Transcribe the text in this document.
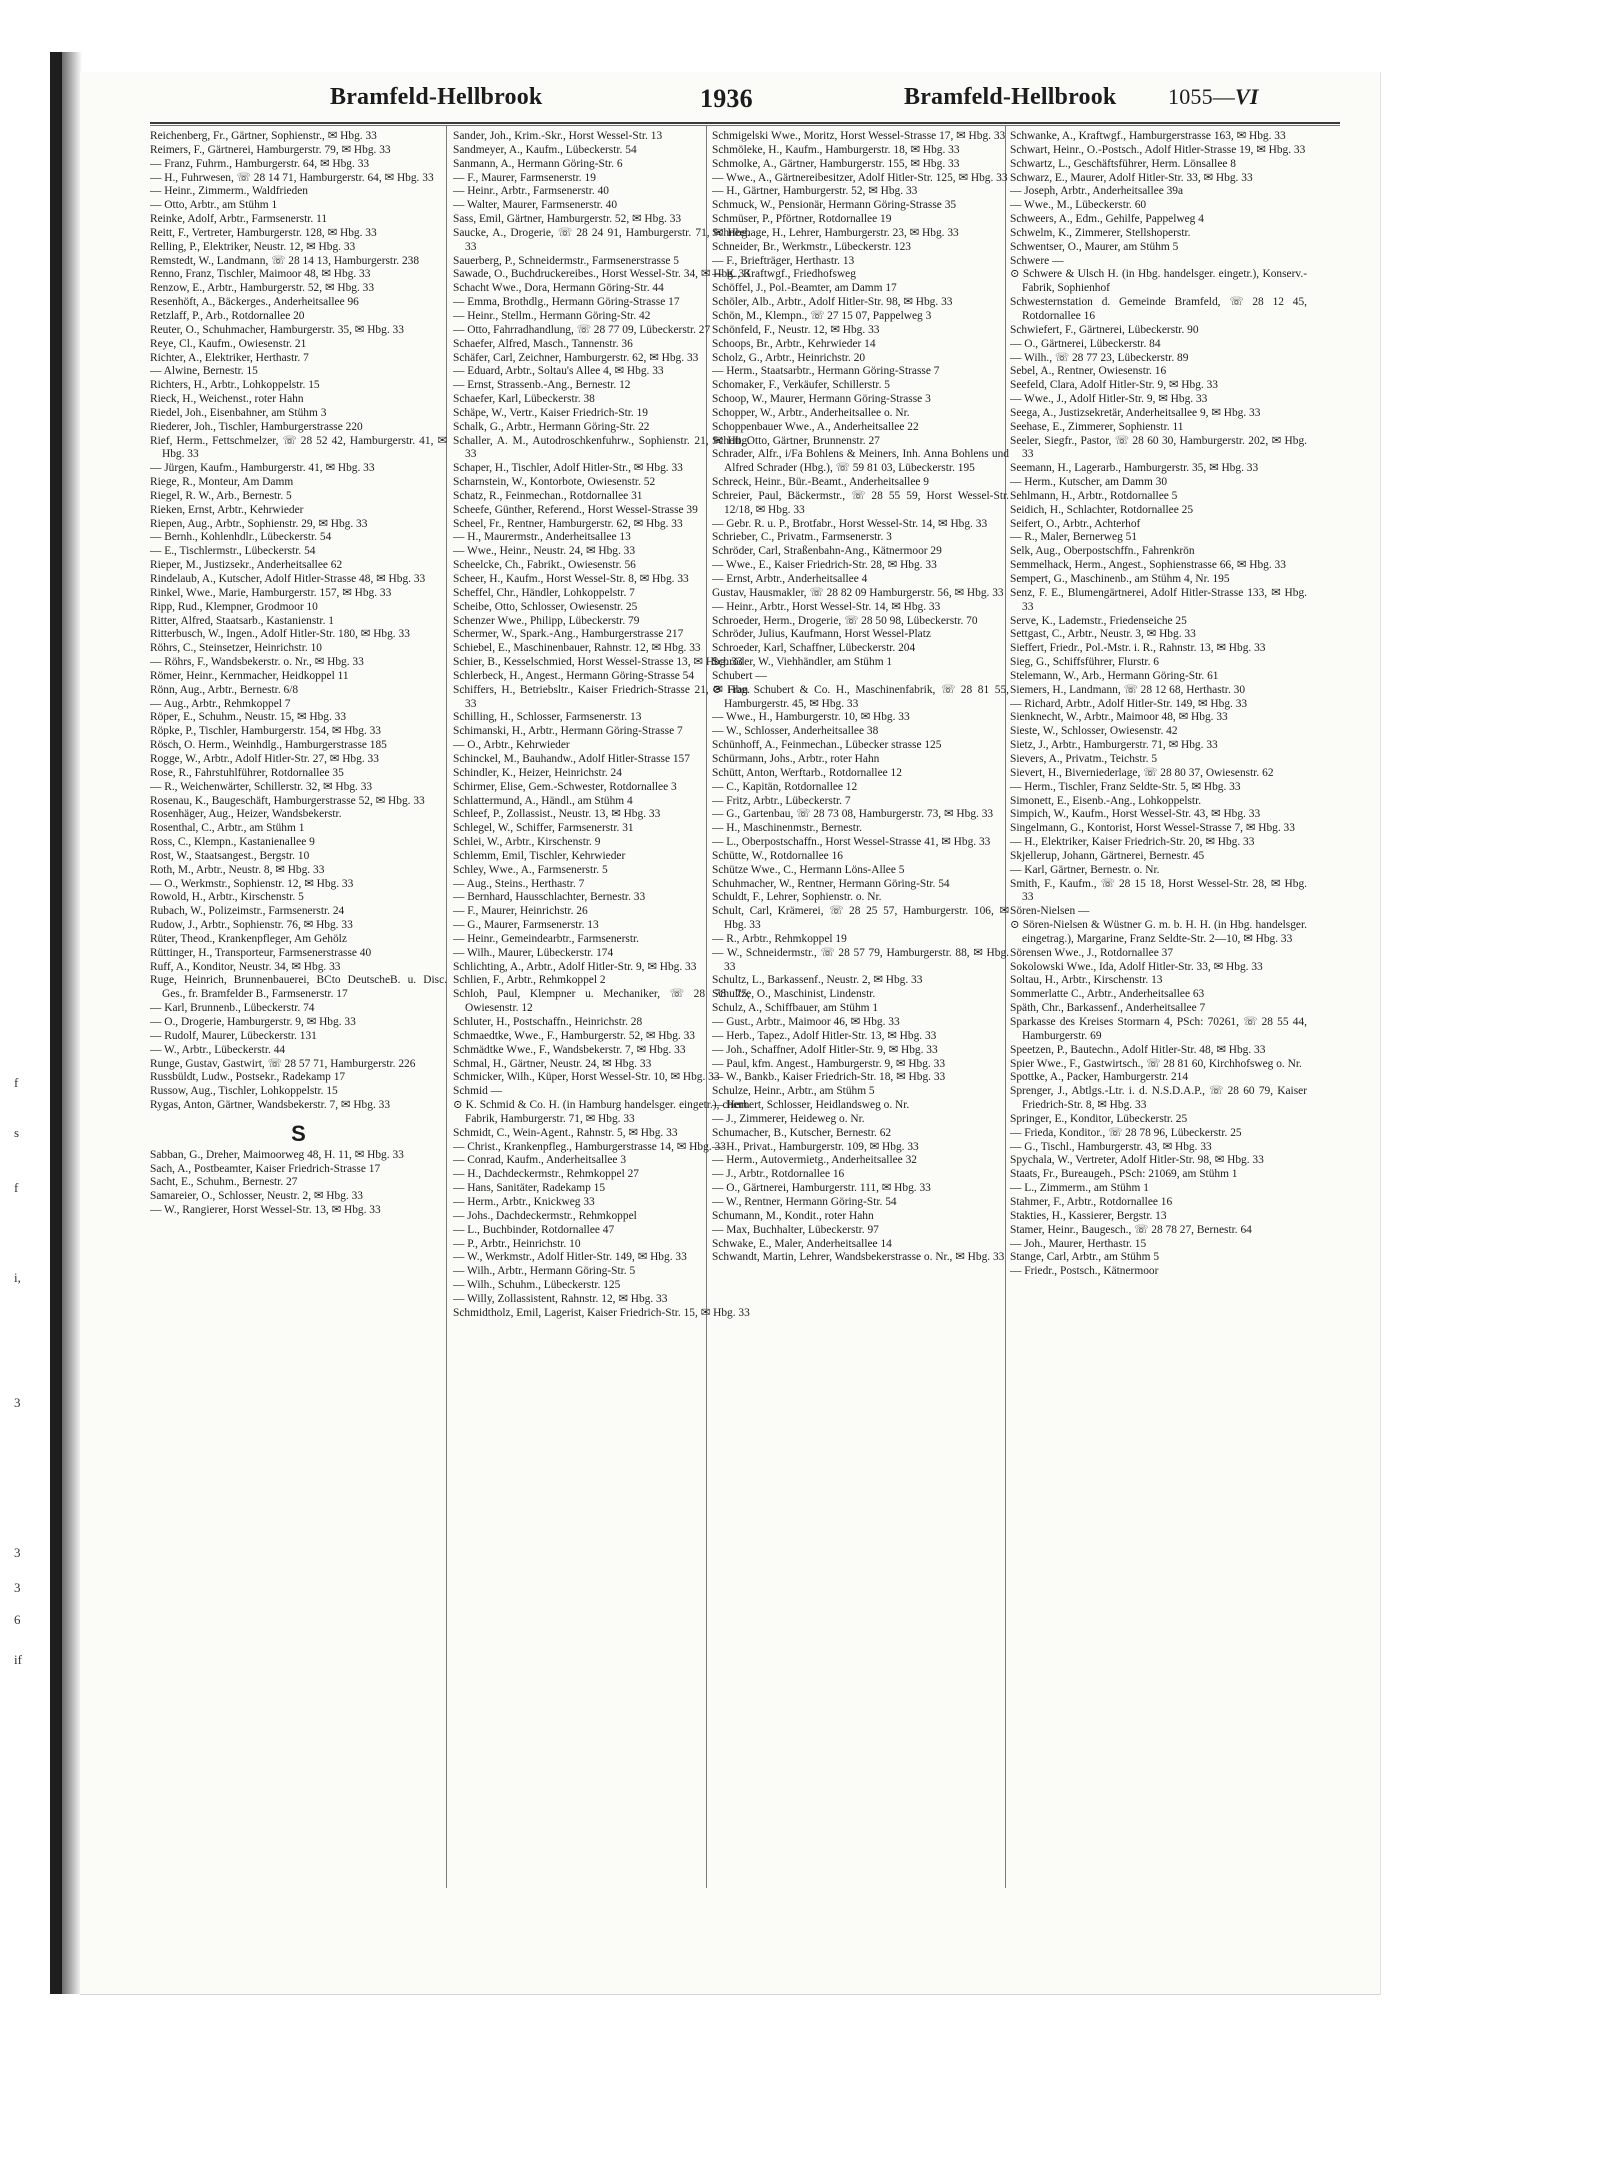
Bramfeld-Hellbrook	1936	Bramfeld-Hellbrook 1055—VI
Reichenberg, Fr., Gärtner, Sophienstr., ✉ Hbg. 33
Reimers, F., Gärtnerei, Hamburgerstr. 79, ✉ Hbg. 33
— Franz, Fuhrm., Hamburgerstr. 64, ✉ Hbg. 33
— H., Fuhrwesen, ☏ 28 14 71, Hamburgerstr. 64, ✉ Hbg. 33
— Heinr., Zimmerm., Waldfrieden
— Otto, Arbtr., am Stühm 1
Reinke, Adolf, Arbtr., Farmsenerstr. 11
Reitt, F., Vertreter, Hamburgerstr. 128, ✉ Hbg. 33
Relling, P., Elektriker, Neustr. 12, ✉ Hbg. 33
Remstedt, W., Landmann, ☏ 28 14 13, Hamburgerstr. 238
Renno, Franz, Tischler, Maimoor 48, ✉ Hbg. 33
Renzow, E., Arbtr., Hamburgerstr. 52, ✉ Hbg. 33
Resenhöft, A., Bäckerges., Anderheitsallee 96
Retzlaff, P., Arb., Rotdornallee 20
Reuter, O., Schuhmacher, Hamburgerstr. 35, ✉ Hbg. 33
Reye, Cl., Kaufm., Owiesenstr. 21
Richter, A., Elektriker, Herthastr. 7
— Alwine, Bernestr. 15
Richters, H., Arbtr., Lohkoppelstr. 15
Rieck, H., Weichenst., roter Hahn
Riedel, Joh., Eisenbahner, am Stühm 3
Riederer, Joh., Tischler, Hamburgerstrasse 220
Rief, Herm., Fettschmelzer, ☏ 28 52 42, Hamburgerstr. 41, ✉ Hbg. 33
— Jürgen, Kaufm., Hamburgerstr. 41, ✉ Hbg. 33
Riege, R., Monteur, Am Damm
Riegel, R. W., Arb., Bernestr. 5
Rieken, Ernst, Arbtr., Kehrwieder
Riepen, Aug., Arbtr., Sophienstr. 29, ✉ Hbg. 33
— Bernh., Kohlenhdlr., Lübeckerstr. 54
— E., Tischlermstr., Lübeckerstr. 54
Rieper, M., Justizsekr., Anderheitsallee 62
Rindelaub, A., Kutscher, Adolf Hitler-Strasse 48, ✉ Hbg. 33
Rinkel, Wwe., Marie, Hamburgerstr. 157, ✉ Hbg. 33
Ripp, Rud., Klempner, Grodmoor 10
Ritter, Alfred, Staatsarb., Kastanienstr. 1
Ritterbusch, W., Ingen., Adolf Hitler-Str. 180, ✉ Hbg. 33
Röhrs, C., Steinsetzer, Heinrichstr. 10
— Röhrs, F., Wandsbekerstr. o. Nr., ✉ Hbg. 33
Römer, Heinr., Kernmacher, Heidkoppel 11
Rönn, Aug., Arbtr., Bernestr. 6/8
— Aug., Arbtr., Rehmkoppel 7
Röper, E., Schuhm., Neustr. 15, ✉ Hbg. 33
Röpke, P., Tischler, Hamburgerstr. 154, ✉ Hbg. 33
Rösch, O. Herm., Weinhdlg., Hamburgerstrasse 185
Rogge, W., Arbtr., Adolf Hitler-Str. 27, ✉ Hbg. 33
Rose, R., Fahrstuhlführer, Rotdornallee 35
— R., Weichenwärter, Schillerstr. 32, ✉ Hbg. 33
Rosenau, K., Baugeschäft, Hamburgerstrasse 52, ✉ Hbg. 33
Rosenhäger, Aug., Heizer, Wandsbekerstr.
Rosenthal, C., Arbtr., am Stühm 1
Ross, C., Klempn., Kastanienallee 9
Rost, W., Staatsangest., Bergstr. 10
Roth, M., Arbtr., Neustr. 8, ✉ Hbg. 33
— O., Werkmstr., Sophienstr. 12, ✉ Hbg. 33
Rowold, H., Arbtr., Kirschenstr. 5
Rubach, W., Polizeimstr., Farmsenerstr. 24
Rudow, J., Arbtr., Sophienstr. 76, ✉ Hbg. 33
Rüter, Theod., Krankenpfleger, Am Gehölz
Rüttinger, H., Transporteur, Farmsenerstrasse 40
Ruff, A., Konditor, Neustr. 34, ✉ Hbg. 33
Ruge, Heinrich, Brunnenbauerei, BCto DeutscheB. u. Disc. Ges., fr. Bramfelder B., Farmsenerstr. 17
— Karl, Brunnenb., Lübeckerstr. 74
— O., Drogerie, Hamburgerstr. 9, ✉ Hbg. 33
— Rudolf, Maurer, Lübeckerstr. 131
— W., Arbtr., Lübeckerstr. 44
Runge, Gustav, Gastwirt, ☏ 28 57 71, Hamburgerstr. 226
Russbüldt, Ludw., Postsekr., Radekamp 17
Russow, Aug., Tischler, Lohkoppelstr. 15
Rygas, Anton, Gärtner, Wandsbekerstr. 7, ✉ Hbg. 33
S
Sabban, G., Dreher, Maimoorweg 48, H. 11, ✉ Hbg. 33
Sach, A., Postbeamter, Kaiser Friedrich-Strasse 17
Sacht, E., Schuhm., Bernestr. 27
Samareier, O., Schlosser, Neustr. 2, ✉ Hbg. 33
— W., Rangierer, Horst Wessel-Str. 13, ✉ Hbg. 33
Sander, Joh., Krim.-Skr., Horst Wessel-Str. 13
Sandmeyer, A., Kaufm., Lübeckerstr. 54
Sanmann, A., Hermann Göring-Str. 6
— F., Maurer, Farmsenerstr. 19
— Heinr., Arbtr., Farmsenerstr. 40
— Walter, Maurer, Farmsenerstr. 40
Sass, Emil, Gärtner, Hamburgerstr. 52, ✉ Hbg. 33
Saucke, A., Drogerie, ☏ 28 24 91, Hamburgerstr. 71, ✉ Hbg. 33
Sauerberg, P., Schneidermstr., Farmsenerstrasse 5
Sawade, O., Buchdruckereibes., Horst Wessel-Str. 34, ✉ Hbg. 33
Schacht Wwe., Dora, Hermann Göring-Str. 44
— Emma, Brothdlg., Hermann Göring-Strasse 17
— Heinr., Stellm., Hermann Göring-Str. 42
— Otto, Fahrradhandlung, ☏ 28 77 09, Lübeckerstr. 27
Schaefer, Alfred, Masch., Tannenstr. 36
Schäfer, Carl, Zeichner, Hamburgerstr. 62, ✉ Hbg. 33
— Eduard, Arbtr., Soltau's Allee 4, ✉ Hbg. 33
— Ernst, Strassenb.-Ang., Bernestr. 12
Schaefer, Karl, Lübeckerstr. 38
Schäpe, W., Vertr., Kaiser Friedrich-Str. 19
Schalk, G., Arbtr., Hermann Göring-Str. 22
Schaller, A. M., Autodroschkenfuhrw., Sophienstr. 21, ✉ Hbg. 33
Schaper, H., Tischler, Adolf Hitler-Str., ✉ Hbg. 33
Scharnstein, W., Kontorbote, Owiesenstr. 52
Schatz, R., Feinmechan., Rotdornallee 31
Scheefe, Günther, Referend., Horst Wessel-Strasse 39
Scheel, Fr., Rentner, Hamburgerstr. 62, ✉ Hbg. 33
— H., Maurermstr., Anderheitsallee 13
— Wwe., Heinr., Neustr. 24, ✉ Hbg. 33
Scheelcke, Ch., Fabrikt., Owiesenstr. 56
Scheer, H., Kaufm., Horst Wessel-Str. 8, ✉ Hbg. 33
Scheffel, Chr., Händler, Lohkoppelstr. 7
Scheibe, Otto, Schlosser, Owiesenstr. 25
Schenzer Wwe., Philipp, Lübeckerstr. 79
Schermer, W., Spark.-Ang., Hamburgerstrasse 217
Schiebel, E., Maschinenbauer, Rahnstr. 12, ✉ Hbg. 33
Schier, B., Kesselschmied, Horst Wessel-Strasse 13, ✉ Hbg. 33
Schlerbeck, H., Angest., Hermann Göring-Strasse 54
Schiffers, H., Betriebsltr., Kaiser Friedrich-Strasse 21, ✉ Hbg. 33
Schilling, H., Schlosser, Farmsenerstr. 13
Schimanski, H., Arbtr., Hermann Göring-Strasse 7
— O., Arbtr., Kehrwieder
Schinckel, M., Bauhandw., Adolf Hitler-Strasse 157
Schindler, K., Heizer, Heinrichstr. 24
Schirmer, Elise, Gem.-Schwester, Rotdornallee 3
Schlattermund, A., Händl., am Stühm 4
Schleef, P., Zollassist., Neustr. 13, ✉ Hbg. 33
Schlegel, W., Schiffer, Farmsenerstr. 31
Schlei, W., Arbtr., Kirschenstr. 9
Schlemm, Emil, Tischler, Kehrwieder
Schley, Wwe., A., Farmsenerstr. 5
— Aug., Steins., Herthastr. 7
— Bernhard, Hausschlachter, Bernestr. 33
— F., Maurer, Heinrichstr. 26
— G., Maurer, Farmsenerstr. 13
— Heinr., Gemeindearbtr., Farmsenerstr.
— Wilh., Maurer, Lübeckerstr. 174
Schlichting, A., Arbtr., Adolf Hitler-Str. 9, ✉ Hbg. 33
Schlien, F., Arbtr., Rehmkoppel 2
Schloh, Paul, Klempner u. Mechaniker, ☏ 28 78 75, Owiesenstr. 12
Schluter, H., Postschaffn., Heinrichstr. 28
Schmaedtke, Wwe., F., Hamburgerstr. 52, ✉ Hbg. 33
Schmädtke Wwe., F., Wandsbekerstr. 7, ✉ Hbg. 33
Schmal, H., Gärtner, Neustr. 24, ✉ Hbg. 33
Schmicker, Wilh., Küper, Horst Wessel-Str. 10, ✉ Hbg. 33
Schmid —
⊙ K. Schmid & Co. H. (in Hamburg handelsger. eingetr.), chem. Fabrik, Hamburgerstr. 71, ✉ Hbg. 33
Schmidt, C., Wein-Agent., Rahnstr. 5, ✉ Hbg. 33
— Christ., Krankenpfleg., Hamburgerstrasse 14, ✉ Hbg. 33
— Conrad, Kaufm., Anderheitsallee 3
— H., Dachdeckermstr., Rehmkoppel 27
— Hans, Sanitäter, Radekamp 15
— Herm., Arbtr., Knickweg 33
— Johs., Dachdeckermstr., Rehmkoppel
— L., Buchbinder, Rotdornallee 47
— P., Arbtr., Heinrichstr. 10
— W., Werkmstr., Adolf Hitler-Str. 149, ✉ Hbg. 33
— Wilh., Arbtr., Hermann Göring-Str. 5
— Wilh., Schuhm., Lübeckerstr. 125
— Willy, Zollassistent, Rahnstr. 12, ✉ Hbg. 33
Schmidtholz, Emil, Lagerist, Kaiser Friedrich-Str. 15, ✉ Hbg. 33
Schmigelski Wwe., Moritz, Horst Wessel-Strasse 17, ✉ Hbg. 33
Schmöleke, H., Kaufm., Hamburgerstr. 18, ✉ Hbg. 33
Schmolke, A., Gärtner, Hamburgerstr. 155, ✉ Hbg. 33
— Wwe., A., Gärtnereibesitzer, Adolf Hitler-Str. 125, ✉ Hbg. 33
— H., Gärtner, Hamburgerstr. 52, ✉ Hbg. 33
Schmuck, W., Pensionär, Hermann Göring-Strasse 35
Schmüser, P., Pförtner, Rotdornallee 19
Schneehage, H., Lehrer, Hamburgerstr. 23, ✉ Hbg. 33
Schneider, Br., Werkmstr., Lübeckerstr. 123
— F., Briefträger, Herthastr. 13
— K., Kraftwgf., Friedhofsweg
Schöffel, J., Pol.-Beamter, am Damm 17
Schöler, Alb., Arbtr., Adolf Hitler-Str. 98, ✉ Hbg. 33
Schön, M., Klempn., ☏ 27 15 07, Pappelweg 3
Schönfeld, F., Neustr. 12, ✉ Hbg. 33
Schoops, Br., Arbtr., Kehrwieder 14
Scholz, G., Arbtr., Heinrichstr. 20
— Herm., Staatsarbtr., Hermann Göring-Strasse 7
Schomaker, F., Verkäufer, Schillerstr. 5
Schoop, W., Maurer, Hermann Göring-Strasse 3
Schopper, W., Arbtr., Anderheitsallee o. Nr.
Schoppenbauer Wwe., A., Anderheitsallee 22
Schott, Otto, Gärtner, Brunnenstr. 27
Schrader, Alfr., i/Fa Bohlens & Meiners, Inh. Anna Bohlens und Alfred Schrader (Hbg.), ☏ 59 81 03, Lübeckerstr. 195
Schreck, Heinr., Bür.-Beamt., Anderheitsallee 9
Schreier, Paul, Bäckermstr., ☏ 28 55 59, Horst Wessel-Str. 12/18, ✉ Hbg. 33
— Gebr. R. u. P., Brotfabr., Horst Wessel-Str. 14, ✉ Hbg. 33
Schrieber, C., Privatm., Farmsenerstr. 3
Schröder, Carl, Straßenbahn-Ang., Kätnermoor 29
— Wwe., E., Kaiser Friedrich-Str. 28, ✉ Hbg. 33
— Ernst, Arbtr., Anderheitsallee 4
Gustav, Hausmakler, ☏ 28 82 09 Hamburgerstr. 56, ✉ Hbg. 33
— Heinr., Arbtr., Horst Wessel-Str. 14, ✉ Hbg. 33
Schroeder, Herm., Drogerie, ☏ 28 50 98, Lübeckerstr. 70
Schröder, Julius, Kaufmann, Horst Wessel-Platz
Schroeder, Karl, Schaffner, Lübeckerstr. 204
Schröder, W., Viehhändler, am Stühm 1
Schubert —
⊙ Fran Schubert & Co. H., Maschinenfabrik, ☏ 28 81 55, Hamburgerstr. 45, ✉ Hbg. 33
— Wwe., H., Hamburgerstr. 10, ✉ Hbg. 33
— W., Schlosser, Anderheitsallee 38
Schünhoff, A., Feinmechan., Lübecker strasse 125
Schürmann, Johs., Arbtr., roter Hahn
Schütt, Anton, Werftarb., Rotdornallee 12
— C., Kapitän, Rotdornallee 12
— Fritz, Arbtr., Lübeckerstr. 7
— G., Gartenbau, ☏ 28 73 08, Hamburgerstr. 73, ✉ Hbg. 33
— H., Maschinenmstr., Bernestr.
— L., Oberpostschaffn., Horst Wessel-Strasse 41, ✉ Hbg. 33
Schütte, W., Rotdornallee 16
Schütze Wwe., C., Hermann Löns-Allee 5
Schuhmacher, W., Rentner, Hermann Göring-Str. 54
Schuldt, F., Lehrer, Sophienstr. o. Nr.
Schult, Carl, Krämerei, ☏ 28 25 57, Hamburgerstr. 106, ✉ Hbg. 33
— R., Arbtr., Rehmkoppel 19
— W., Schneidermstr., ☏ 28 57 79, Hamburgerstr. 88, ✉ Hbg. 33
Schultz, L., Barkassenf., Neustr. 2, ✉ Hbg. 33
Schultze, O., Maschinist, Lindenstr.
Schulz, A., Schiffbauer, am Stühm 1
— Gust., Arbtr., Maimoor 46, ✉ Hbg. 33
— Herb., Tapez., Adolf Hitler-Str. 13, ✉ Hbg. 33
— Joh., Schaffner, Adolf Hitler-Str. 9, ✉ Hbg. 33
— Paul, kfm. Angest., Hamburgerstr. 9, ✉ Hbg. 33
— W., Bankb., Kaiser Friedrich-Str. 18, ✉ Hbg. 33
Schulze, Heinr., Arbtr., am Stühm 5
— Herbert, Schlosser, Heidlandsweg o. Nr.
— J., Zimmerer, Heideweg o. Nr.
Schumacher, B., Kutscher, Bernestr. 62
— H., Privat., Hamburgerstr. 109, ✉ Hbg. 33
— Herm., Autovermietg., Anderheitsallee 32
— J., Arbtr., Rotdornallee 16
— O., Gärtnerei, Hamburgerstr. 111, ✉ Hbg. 33
— W., Rentner, Hermann Göring-Str. 54
Schumann, M., Kondit., roter Hahn
— Max, Buchhalter, Lübeckerstr. 97
Schwake, E., Maler, Anderheitsallee 14
Schwandt, Martin, Lehrer, Wandsbekerstrasse o. Nr., ✉ Hbg. 33
Schwanke, A., Kraftwgf., Hamburgerstrasse 163, ✉ Hbg. 33
Schwart, Heinr., O.-Postsch., Adolf Hitler-Strasse 19, ✉ Hbg. 33
Schwartz, L., Geschäftsführer, Herm. Lönsallee 8
Schwarz, E., Maurer, Adolf Hitler-Str. 33, ✉ Hbg. 33
— Joseph, Arbtr., Anderheitsallee 39a
— Wwe., M., Lübeckerstr. 60
Schweers, A., Edm., Gehilfe, Pappelweg 4
Schwelm, K., Zimmerer, Stellshoperstr.
Schwentser, O., Maurer, am Stühm 5
Schwere —
⊙ Schwere & Ulsch H. (in Hbg. handelsger. eingetr.), Konserv.-Fabrik, Sophienhof
Schwesternstation d. Gemeinde Bramfeld, ☏ 28 12 45, Rotdornallee 16
Schwiefert, F., Gärtnerei, Lübeckerstr. 90
— O., Gärtnerei, Lübeckerstr. 84
— Wilh., ☏ 28 77 23, Lübeckerstr. 89
Sebel, A., Rentner, Owiesenstr. 16
Seefeld, Clara, Adolf Hitler-Str. 9, ✉ Hbg. 33
— Wwe., J., Adolf Hitler-Str. 9, ✉ Hbg. 33
Seega, A., Justizsekretär, Anderheitsallee 9, ✉ Hbg. 33
Seehase, E., Zimmerer, Sophienstr. 11
Seeler, Siegfr., Pastor, ☏ 28 60 30, Hamburgerstr. 202, ✉ Hbg. 33
Seemann, H., Lagerarb., Hamburgerstr. 35, ✉ Hbg. 33
— Herm., Kutscher, am Damm 30
Sehlmann, H., Arbtr., Rotdornallee 5
Seidich, H., Schlachter, Rotdornallee 25
Seifert, O., Arbtr., Achterhof
— R., Maler, Bernerweg 51
Selk, Aug., Oberpostschffn., Fahrenkrön
Semmelhack, Herm., Angest., Sophienstrasse 66, ✉ Hbg. 33
Sempert, G., Maschinenb., am Stühm 4, Nr. 195
Senz, F. E., Blumengärtnerei, Adolf Hitler-Strasse 133, ✉ Hbg. 33
Serve, K., Lademstr., Friedenseiche 25
Settgast, C., Arbtr., Neustr. 3, ✉ Hbg. 33
Sieffert, Friedr., Pol.-Mstr. i. R., Rahnstr. 13, ✉ Hbg. 33
Sieg, G., Schiffsführer, Flurstr. 6
Stelemann, W., Arb., Hermann Göring-Str. 61
Siemers, H., Landmann, ☏ 28 12 68, Herthastr. 30
— Richard, Arbtr., Adolf Hitler-Str. 149, ✉ Hbg. 33
Sienknecht, W., Arbtr., Maimoor 48, ✉ Hbg. 33
Sieste, W., Schlosser, Owiesenstr. 42
Sietz, J., Arbtr., Hamburgerstr. 71, ✉ Hbg. 33
Sievers, A., Privatm., Teichstr. 5
Sievert, H., Biverniederlage, ☏ 28 80 37, Owiesenstr. 62
— Herm., Tischler, Franz Seldte-Str. 5, ✉ Hbg. 33
Simonett, E., Eisenb.-Ang., Lohkoppelstr.
Simpich, W., Kaufm., Horst Wessel-Str. 43, ✉ Hbg. 33
Singelmann, G., Kontorist, Horst Wessel-Strasse 7, ✉ Hbg. 33
— H., Elektriker, Kaiser Friedrich-Str. 20, ✉ Hbg. 33
Skjellerup, Johann, Gärtnerei, Bernestr. 45
— Karl, Gärtner, Bernestr. o. Nr.
Smith, F., Kaufm., ☏ 28 15 18, Horst Wessel-Str. 28, ✉ Hbg. 33
Sören-Nielsen —
⊙ Sören-Nielsen & Wüstner G. m. b. H. H. (in Hbg. handelsger. eingetrag.), Margarine, Franz Seldte-Str. 2—10, ✉ Hbg. 33
Sörensen Wwe., J., Rotdornallee 37
Sokolowski Wwe., Ida, Adolf Hitler-Str. 33, ✉ Hbg. 33
Soltau, H., Arbtr., Kirschenstr. 13
Sommerlatte C., Arbtr., Anderheitsallee 63
Späth, Chr., Barkassenf., Anderheitsallee 7
Sparkasse des Kreises Stormarn 4, PSch: 70261, ☏ 28 55 44, Hamburgerstr. 69
Speetzen, P., Bautechn., Adolf Hitler-Str. 48, ✉ Hbg. 33
Spier Wwe., F., Gastwirtsch., ☏ 28 81 60, Kirchhofsweg o. Nr.
Spottke, A., Packer, Hamburgerstr. 214
Sprenger, J., Abtlgs.-Ltr. i. d. N.S.D.A.P., ☏ 28 60 79, Kaiser Friedrich-Str. 8, ✉ Hbg. 33
Springer, E., Konditor, Lübeckerstr. 25
— Frieda, Konditor., ☏ 28 78 96, Lübeckerstr. 25
— G., Tischl., Hamburgerstr. 43, ✉ Hbg. 33
Spychala, W., Vertreter, Adolf Hitler-Str. 98, ✉ Hbg. 33
Staats, Fr., Bureaugeh., PSch: 21069, am Stühm 1
— L., Zimmerm., am Stühm 1
Stahmer, F., Arbtr., Rotdornallee 16
Stakties, H., Kassierer, Bergstr. 13
Stamer, Heinr., Baugesch., ☏ 28 78 27, Bernestr. 64
— Joh., Maurer, Herthastr. 15
Stange, Carl, Arbtr., am Stühm 5
— Friedr., Postsch., Kätnermoor
f
s
f
i,
3
3
3
6
if
